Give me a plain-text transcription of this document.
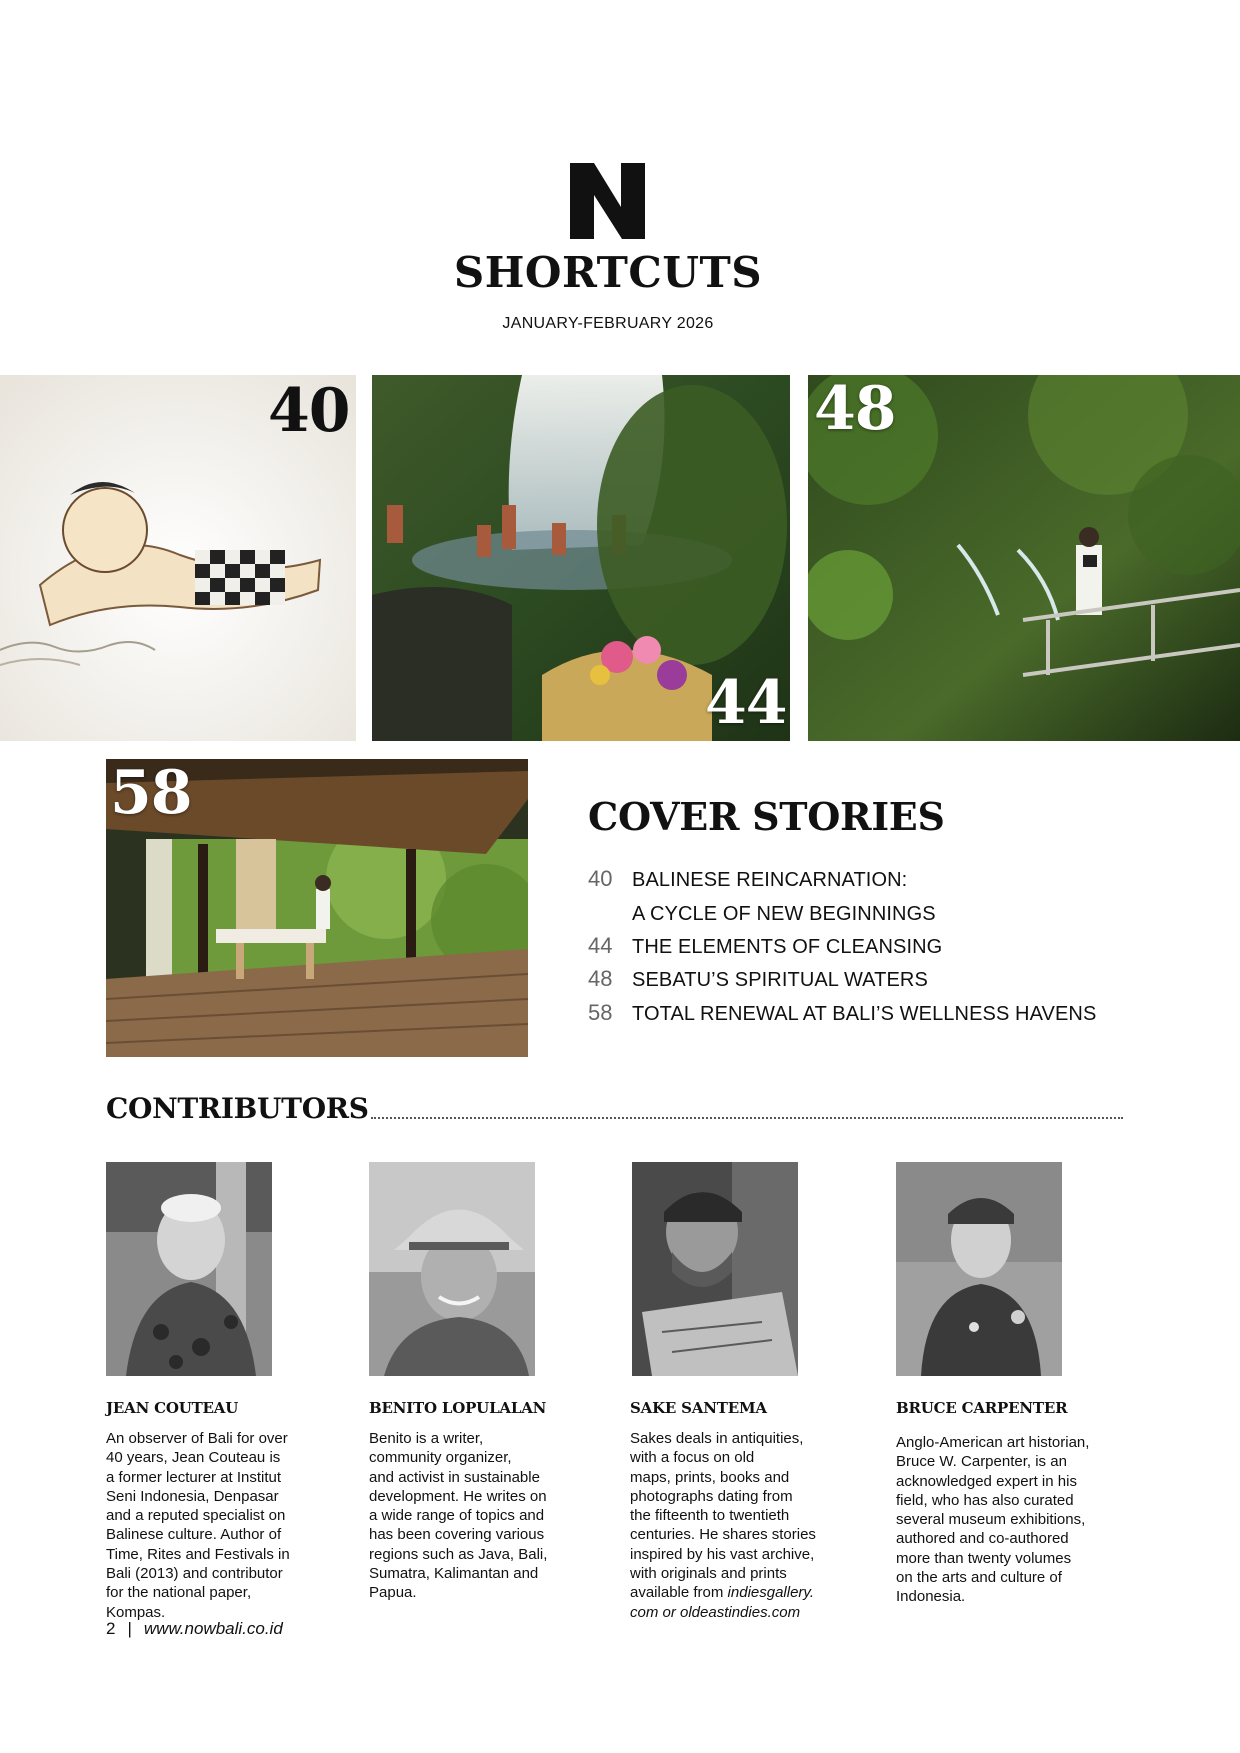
SHORTCUTS
JANUARY-FEBRUARY 2026
40
44
48
58	COVER STORIES
40 BALINESE REINCARNATION:
A CYCLE OF NEW BEGINNINGS
44 THE ELEMENTS OF CLEANSING
48 SEBATU’S SPIRITUAL WATERS
58 TOTAL RENEWAL AT BALI’S WELLNESS HAVENS
CONTRIBUTORS
JEAN COUTEAU	BENITO LOPULALAN	SAKE SANTEMA	BRUCE CARPENTER
An observer of Bali for over
40 years, Jean Couteau is
a former lecturer at Institut
Seni Indonesia, Denpasar
and a reputed specialist on
Balinese culture. Author of
Time, Rites and Festivals in
Bali (2013) and contributor
for the national paper,
Kompas.
Benito is a writer,
community organizer,
and activist in sustainable
development. He writes on
a wide range of topics and
has been covering various
regions such as Java, Bali,
Sumatra, Kalimantan and
Papua.
Sakes deals in antiquities,
with a focus on old
maps, prints, books and
photographs dating from
the fifteenth to twentieth
centuries. He shares stories
inspired by his vast archive,
with originals and prints
available from indiesgallery.
com or oldeastindies.com
Anglo-American art historian,
Bruce W. Carpenter, is an
acknowledged expert in his
field, who has also curated
several museum exhibitions,
authored and co-authored
more than twenty volumes
on the arts and culture of
Indonesia.
2 | www.nowbali.co.id
